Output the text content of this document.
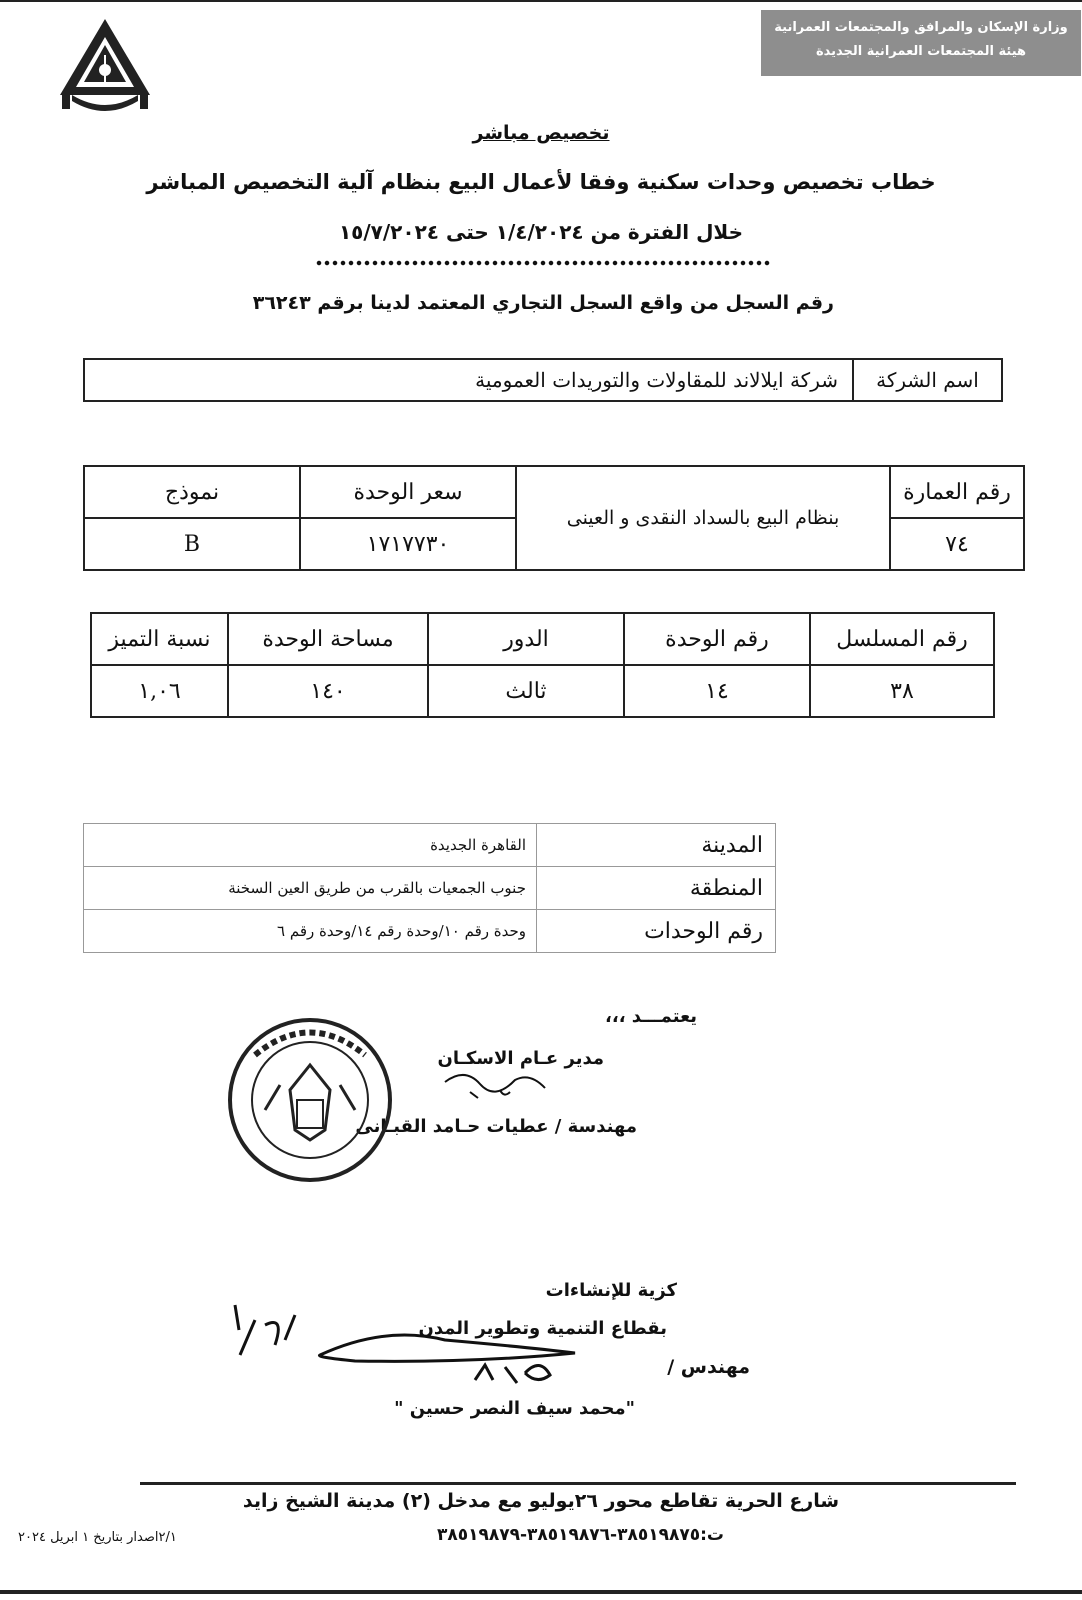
وزارة الإسكان والمرافق والمجتمعات العمرانية
هيئة المجتمعات العمرانية الجديدة
تخصيص مباشر
خطاب تخصيص وحدات سكنية وفقا لأعمال البيع بنظام آلية التخصيص المباشر
خلال الفترة من ١/٤/٢٠٢٤ حتى ١٥/٧/٢٠٢٤
رقم السجل من واقع السجل التجاري المعتمد لدينا برقم ٣٦٢٤٣
اسم الشركة	شركة ايلالاند للمقاولات والتوريدات العمومية
رقم العمارة	بنظام البيع بالسداد النقدى و العينى	سعر الوحدة	نموذج
٧٤		١٧١٧٧٣٠	B
رقم المسلسل	رقم الوحدة	الدور	مساحة الوحدة	نسبة التميز
٣٨	١٤	ثالث	١٤٠	١,٠٦
المدينة	القاهرة الجديدة
المنطقة	جنوب الجمعيات بالقرب من طريق العين السخنة
رقم الوحدات	وحدة رقم ١٠/وحدة رقم ١٤/وحدة رقم ٦
يعتمـــد ،،،
مدير عـام الاسكـان
مهندسة / عطيات حـامد القبـانى
كزية للإنشاءات
بقطاع التنمية وتطوير المدن
مهندس /
"محمد سيف النصر حسين "
شارع الحرية تقاطع محور ٢٦يوليو مع مدخل (٢) مدينة الشيخ زايد
ت:٣٨٥١٩٨٧٥-٣٨٥١٩٨٧٦-٣٨٥١٩٨٧٩
٢/١اصدار بتاريخ ١ ابريل ٢٠٢٤
